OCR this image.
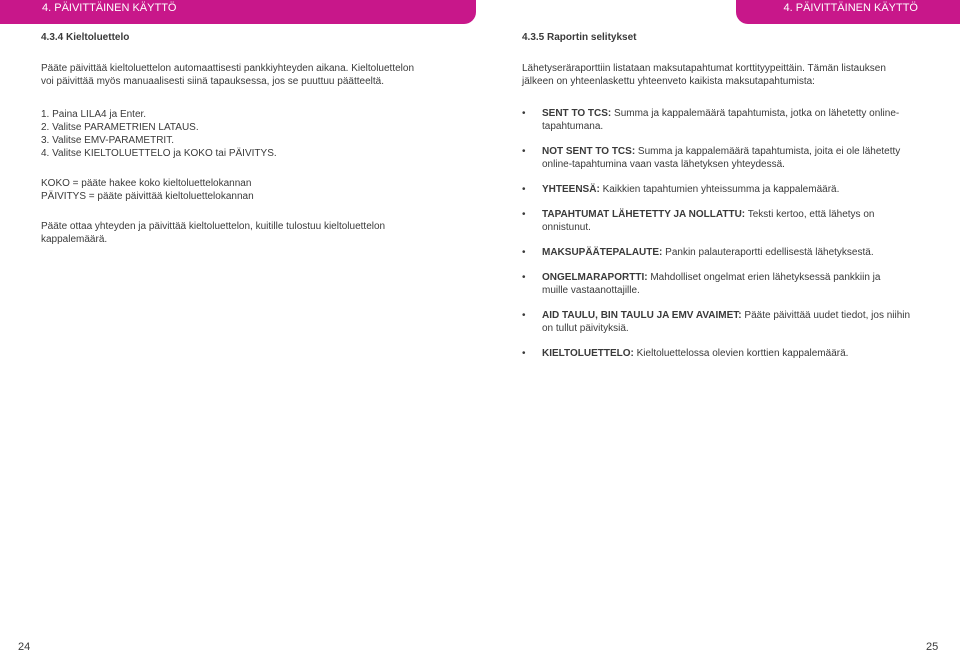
4. PÄIVITTÄINEN KÄYTTÖ	4. PÄIVITTÄINEN KÄYTTÖ
4.3.4 Kieltoluettelo

Pääte päivittää kieltoluettelon automaattisesti pankkiyhteyden aikana. Kieltoluettelon
voi päivittää myös manuaalisesti siinä tapauksessa, jos se puuttuu päätteeltä.

1. Paina LILA4 ja Enter.
2. Valitse PARAMETRIEN LATAUS.
3. Valitse EMV-PARAMETRIT.
4. Valitse KIELTOLUETTELO ja KOKO tai PÄIVITYS.

KOKO = pääte hakee koko kieltoluettelokannan
PÄIVITYS = pääte päivittää kieltoluettelokannan

Pääte ottaa yhteyden ja päivittää kieltoluettelon, kuitille tulostuu kieltoluettelon
kappalemäärä.

4.3.5 Raportin selitykset

Lähetyseräraporttiin listataan maksutapahtumat korttityypeittäin. Tämän listauksen
jälkeen on yhteenlaskettu yhteenveto kaikista maksutapahtumista:

• SENT TO TCS: Summa ja kappalemäärä tapahtumista, jotka on lähetetty online-
tapahtumana.
• NOT SENT TO TCS: Summa ja kappalemäärä tapahtumista, joita ei ole lähetetty
online-tapahtumina vaan vasta lähetyksen yhteydessä.
• YHTEENSÄ: Kaikkien tapahtumien yhteissumma ja kappalemäärä.
• TAPAHTUMAT LÄHETETTY JA NOLLATTU: Teksti kertoo, että lähetys on
onnistunut.
• MAKSUPÄÄTEPALAUTE: Pankin palauteraportti edellisestä lähetyksestä.
• ONGELMARAPORTTI: Mahdolliset ongelmat erien lähetyksessä pankkiin ja
muille vastaanottajille.
• AID TAULU, BIN TAULU JA EMV AVAIMET: Pääte päivittää uudet tiedot, jos niihin
on tullut päivityksiä.
• KIELTOLUETTELO: Kieltoluettelossa olevien korttien kappalemäärä.
24	25
